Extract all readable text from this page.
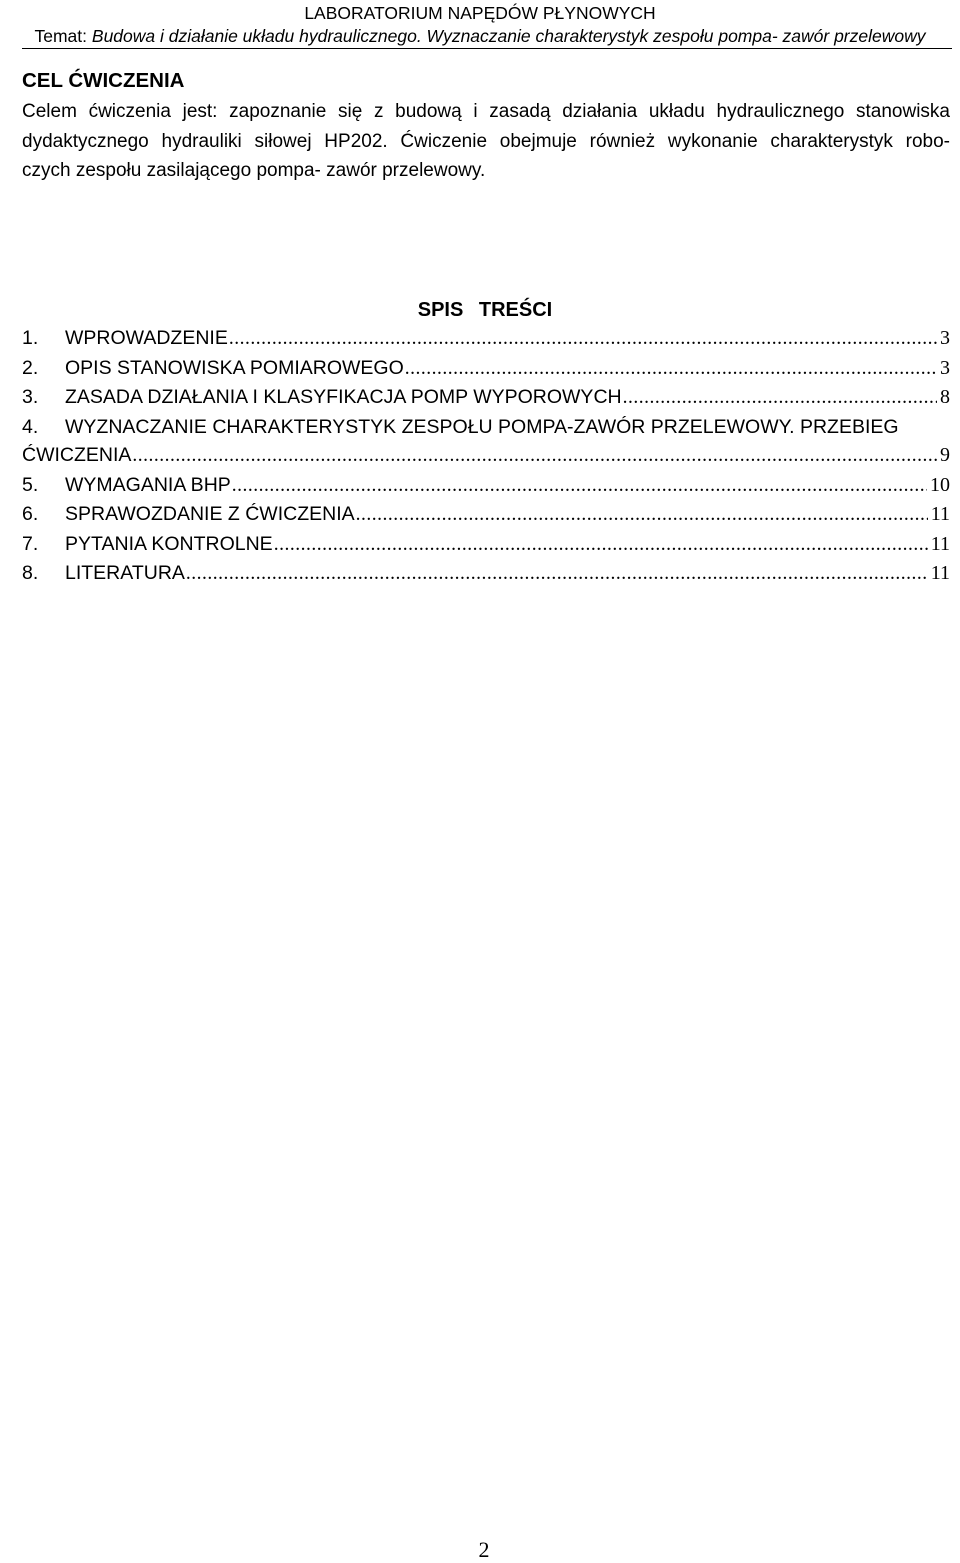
LABORATORIUM NAPĘDÓW PŁYNOWYCH
Temat: Budowa i działanie układu hydraulicznego. Wyznaczanie charakterystyk zespołu pompa- zawór przelewowy
CEL ĆWICZENIA
Celem ćwiczenia jest: zapoznanie się z budową i zasadą działania układu hydraulicznego stanowiska
dydaktycznego hydrauliki siłowej HP202. Ćwiczenie obejmuje również wykonanie charakterystyk robo-
czych zespołu zasilającego pompa- zawór przelewowy.
SPIS TREŚCI
1.	WPROWADZENIE .....	3
2.	OPIS STANOWISKA POMIAROWEGO .....	3
3.	ZASADA DZIAŁANIA I KLASYFIKACJA POMP WYPOROWYCH .....	8
4.	WYZNACZANIE CHARAKTERYSTYK ZESPOŁU POMPA-ZAWÓR PRZELEWOWY. PRZEBIEG
ĆWICZENIA .....	9
5.	WYMAGANIA BHP .....	10
6.	SPRAWOZDANIE Z ĆWICZENIA .....	11
7.	PYTANIA KONTROLNE .....	11
8.	LITERATURA .....	11
2
